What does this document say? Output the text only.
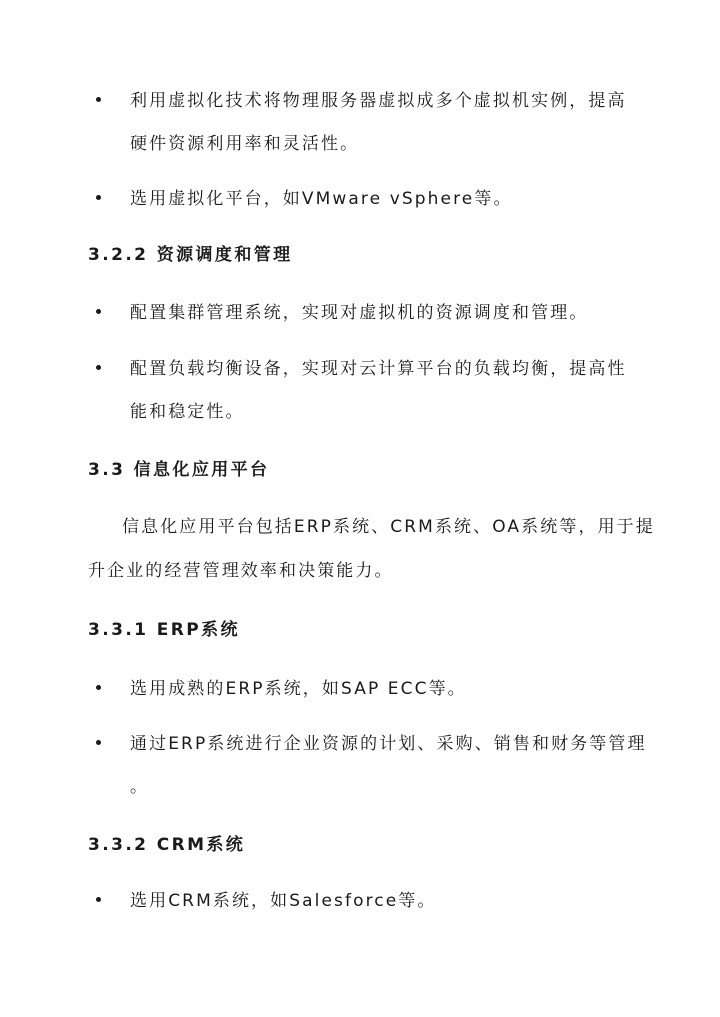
利用虚拟化技术将物理服务器虚拟成多个虚拟机实例，提高
硬件资源利用率和灵活性。
选用虚拟化平台，如VMware vSphere等。
3.2.2 资源调度和管理
配置集群管理系统，实现对虚拟机的资源调度和管理。
配置负载均衡设备，实现对云计算平台的负载均衡，提高性
能和稳定性。
3.3 信息化应用平台
信息化应用平台包括ERP系统、CRM系统、OA系统等，用于提
升企业的经营管理效率和决策能力。
3.3.1 ERP系统
选用成熟的ERP系统，如SAP ECC等。
通过ERP系统进行企业资源的计划、采购、销售和财务等管理
。
3.3.2 CRM系统
选用CRM系统，如Salesforce等。
